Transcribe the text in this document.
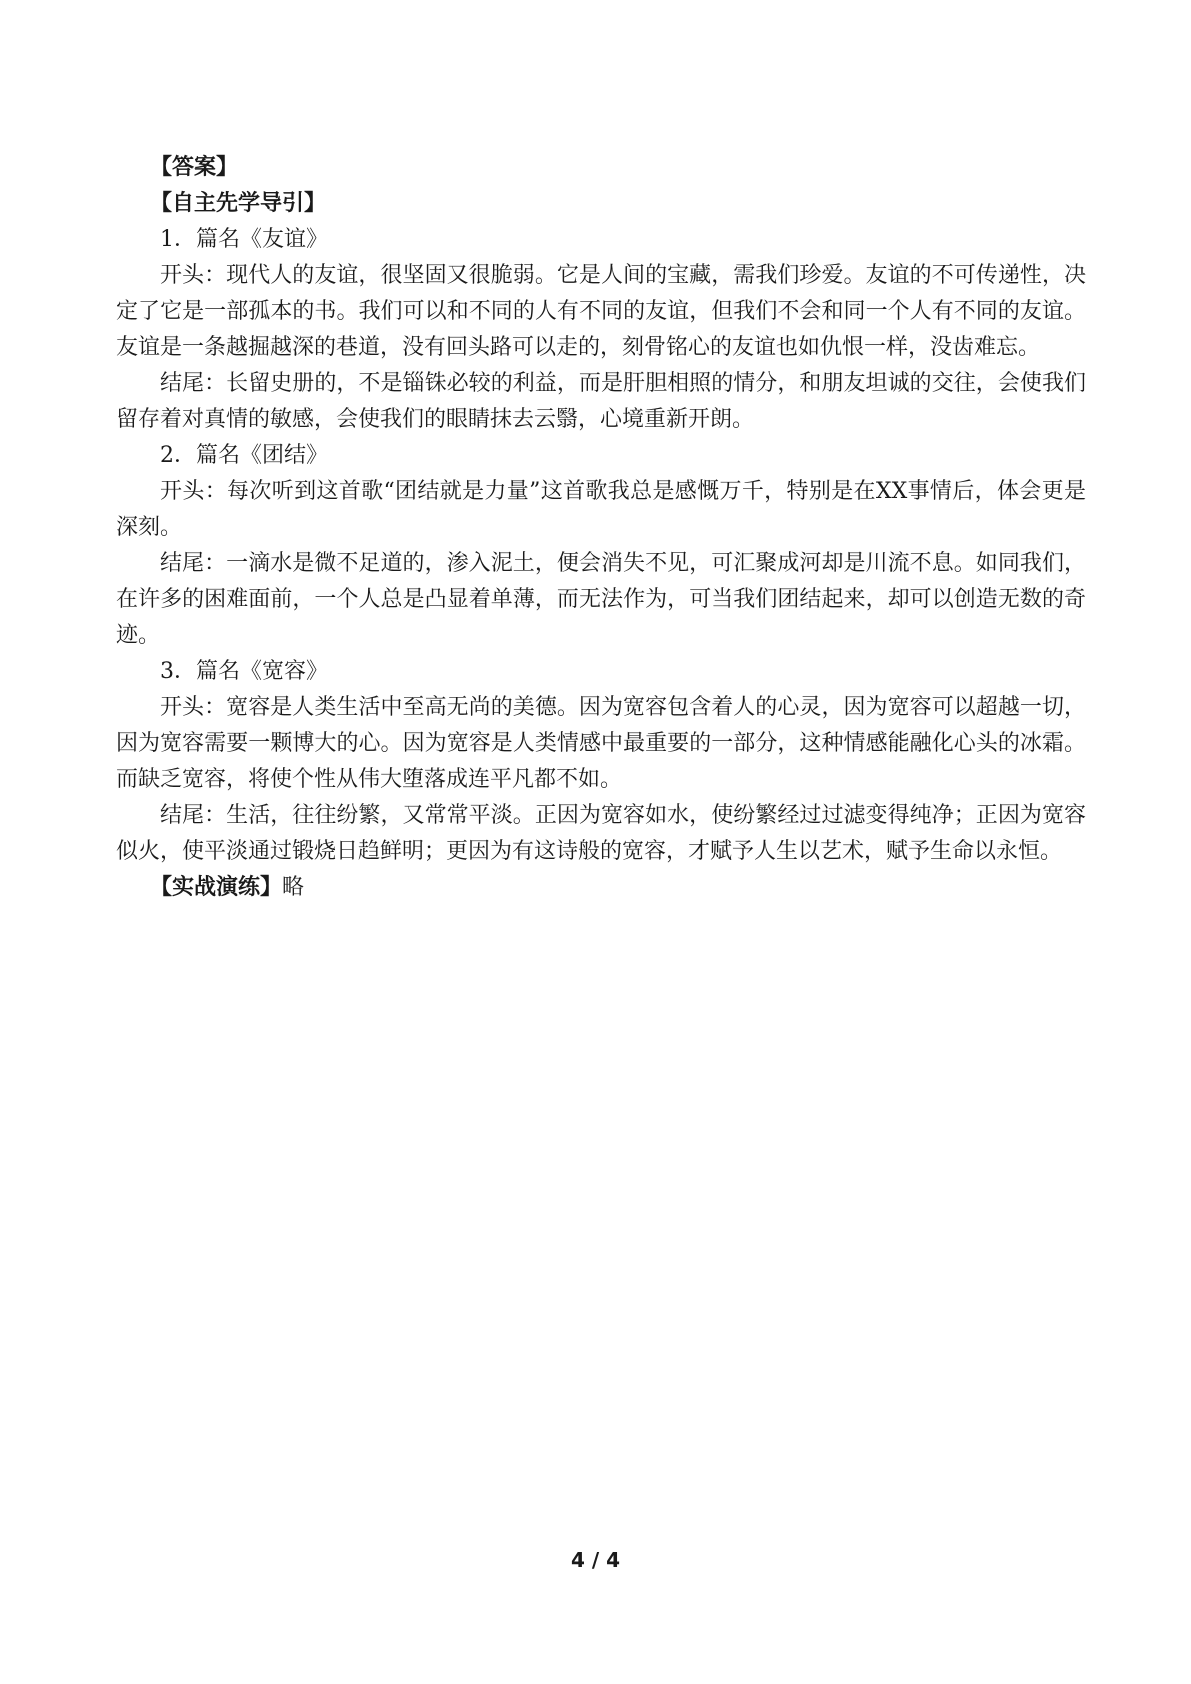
【答案】

【自主先学导引】

1．篇名《友谊》

开头：现代人的友谊，很坚固又很脆弱。它是人间的宝藏，需我们珍爱。友谊的不可传递性，决定了它是一部孤本的书。我们可以和不同的人有不同的友谊，但我们不会和同一个人有不同的友谊。友谊是一条越掘越深的巷道，没有回头路可以走的，刻骨铭心的友谊也如仇恨一样，没齿难忘。

结尾：长留史册的，不是锱铢必较的利益，而是肝胆相照的情分，和朋友坦诚的交往，会使我们留存着对真情的敏感，会使我们的眼睛抹去云翳，心境重新开朗。

2．篇名《团结》

开头：每次听到这首歌“团结就是力量”这首歌我总是感慨万千，特别是在XX事情后，体会更是深刻。

结尾：一滴水是微不足道的，渗入泥土，便会消失不见，可汇聚成河却是川流不息。如同我们，在许多的困难面前，一个人总是凸显着单薄，而无法作为，可当我们团结起来，却可以创造无数的奇迹。

3．篇名《宽容》

开头：宽容是人类生活中至高无尚的美德。因为宽容包含着人的心灵，因为宽容可以超越一切，因为宽容需要一颗博大的心。因为宽容是人类情感中最重要的一部分，这种情感能融化心头的冰霜。而缺乏宽容，将使个性从伟大堕落成连平凡都不如。

结尾：生活，往往纷繁，又常常平淡。正因为宽容如水，使纷繁经过过滤变得纯净；正因为宽容似火，使平淡通过锻烧日趋鲜明；更因为有这诗般的宽容，才赋予人生以艺术，赋予生命以永恒。

【实战演练】略

4 / 4
